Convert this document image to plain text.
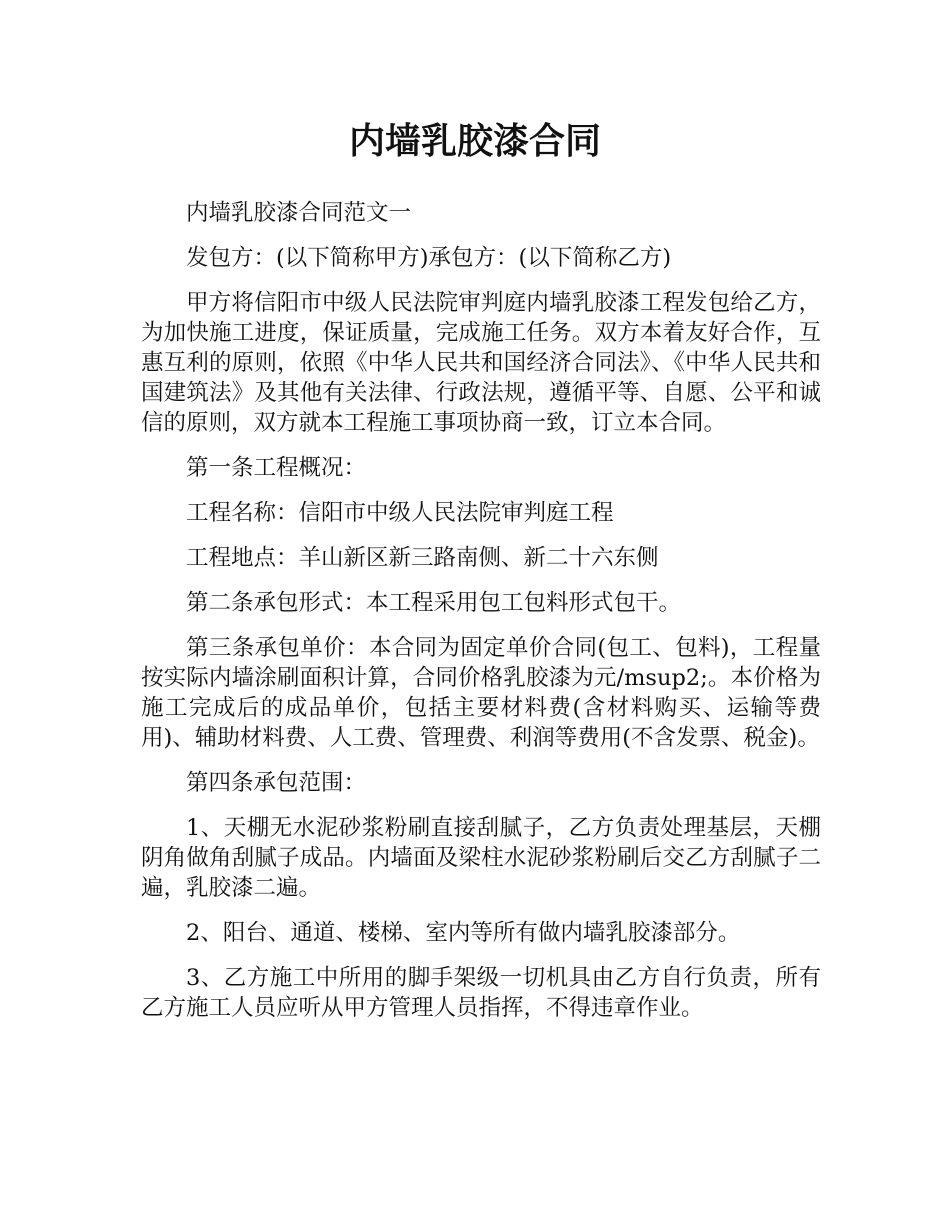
内墙乳胶漆合同

内墙乳胶漆合同范文一

发包方：(以下简称甲方)承包方：(以下简称乙方)

甲方将信阳市中级人民法院审判庭内墙乳胶漆工程发包给乙方，为加快施工进度，保证质量，完成施工任务。双方本着友好合作，互惠互利的原则，依照《中华人民共和国经济合同法》、《中华人民共和国建筑法》及其他有关法律、行政法规，遵循平等、自愿、公平和诚信的原则，双方就本工程施工事项协商一致，订立本合同。

第一条工程概况：

工程名称：信阳市中级人民法院审判庭工程

工程地点：羊山新区新三路南侧、新二十六东侧

第二条承包形式：本工程采用包工包料形式包干。

第三条承包单价：本合同为固定单价合同(包工、包料)，工程量按实际内墙涂刷面积计算，合同价格乳胶漆为元/msup2;。本价格为施工完成后的成品单价，包括主要材料费(含材料购买、运输等费用)、辅助材料费、人工费、管理费、利润等费用(不含发票、税金)。

第四条承包范围：

1、天棚无水泥砂浆粉刷直接刮腻子，乙方负责处理基层，天棚阴角做角刮腻子成品。内墙面及梁柱水泥砂浆粉刷后交乙方刮腻子二遍，乳胶漆二遍。

2、阳台、通道、楼梯、室内等所有做内墙乳胶漆部分。

3、乙方施工中所用的脚手架级一切机具由乙方自行负责，所有乙方施工人员应听从甲方管理人员指挥，不得违章作业。
